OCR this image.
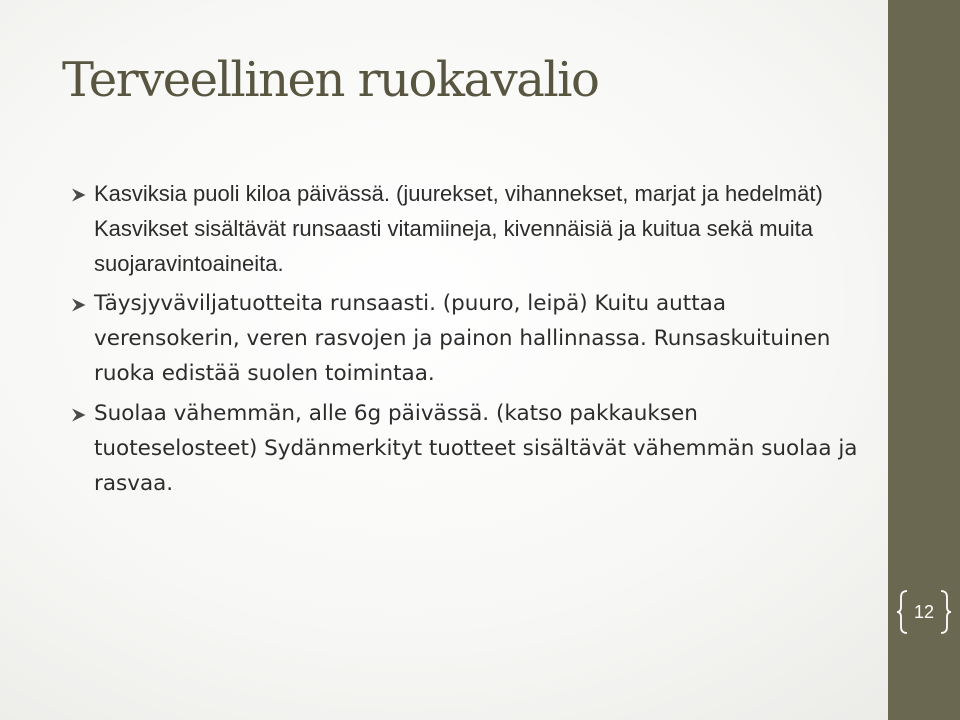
Terveellinen ruokavalio
Kasviksia puoli kiloa päivässä. (juurekset, vihannekset, marjat ja hedelmät) Kasvikset sisältävät runsaasti vitamiineja, kivennäisiä ja kuitua sekä muita suojaravintoaineita.
Täysjyväviljatuotteita runsaasti. (puuro, leipä) Kuitu auttaa verensokerin, veren rasvojen ja painon hallinnassa. Runsaskuituinen ruoka edistää suolen toimintaa.
Suolaa vähemmän, alle 6g päivässä. (katso pakkauksen tuoteselosteet) Sydänmerkityt tuotteet sisältävät vähemmän suolaa ja rasvaa.
12
